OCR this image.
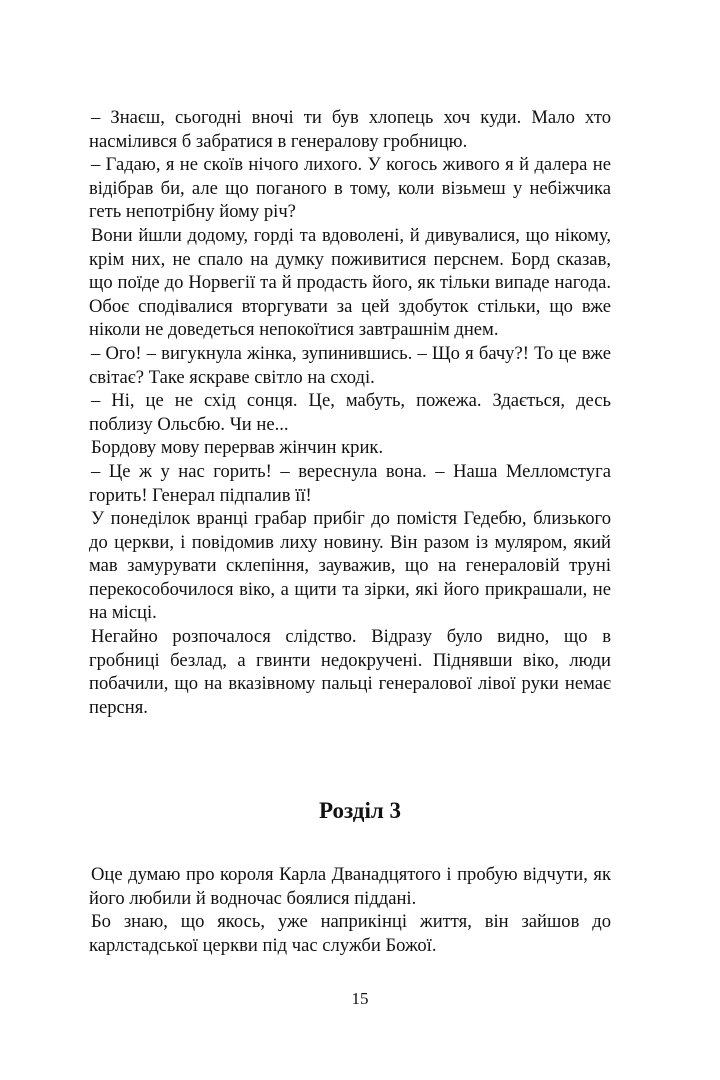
– Знаєш, сьогодні вночі ти був хлопець хоч куди. Мало хто насмілився б забратися в генералову гробницю.

– Гадаю, я не скоїв нічого лихого. У когось живого я й далера не відібрав би, але що поганого в тому, коли візьмеш у небіжчика геть непотрібну йому річ?

Вони йшли додому, горді та вдоволені, й дивувалися, що нікому, крім них, не спало на думку поживитися перснем. Борд сказав, що поїде до Норвегії та й продасть його, як тільки випаде нагода. Обоє сподівалися вторгувати за цей здобуток стільки, що вже ніколи не доведеться непокоїтися завтрашнім днем.

– Ого! – вигукнула жінка, зупинившись. – Що я бачу?! То це вже світає? Таке яскраве світло на сході.

– Ні, це не схід сонця. Це, мабуть, пожежа. Здається, десь поблизу Ольсбю. Чи не...

Бордову мову перервав жінчин крик.

– Це ж у нас горить! – вереснула вона. – Наша Мелломстуга горить! Генерал підпалив її!

У понеділок вранці грабар прибіг до помістя Гедебю, близького до церкви, і повідомив лиху новину. Він разом із муляром, який мав замурувати склепіння, зауважив, що на генераловій труні перекособочилося віко, а щити та зірки, які його прикрашали, не на місці.

Негайно розпочалося слідство. Відразу було видно, що в гробниці безлад, а гвинти недокручені. Піднявши віко, люди побачили, що на вказівному пальці генералової лівої руки немає персня.

Розділ 3

Оце думаю про короля Карла Дванадцятого і пробую відчути, як його любили й водночас боялися піддані.

Бо знаю, що якось, уже наприкінці життя, він зайшов до карлстадської церкви під час служби Божої.

15
